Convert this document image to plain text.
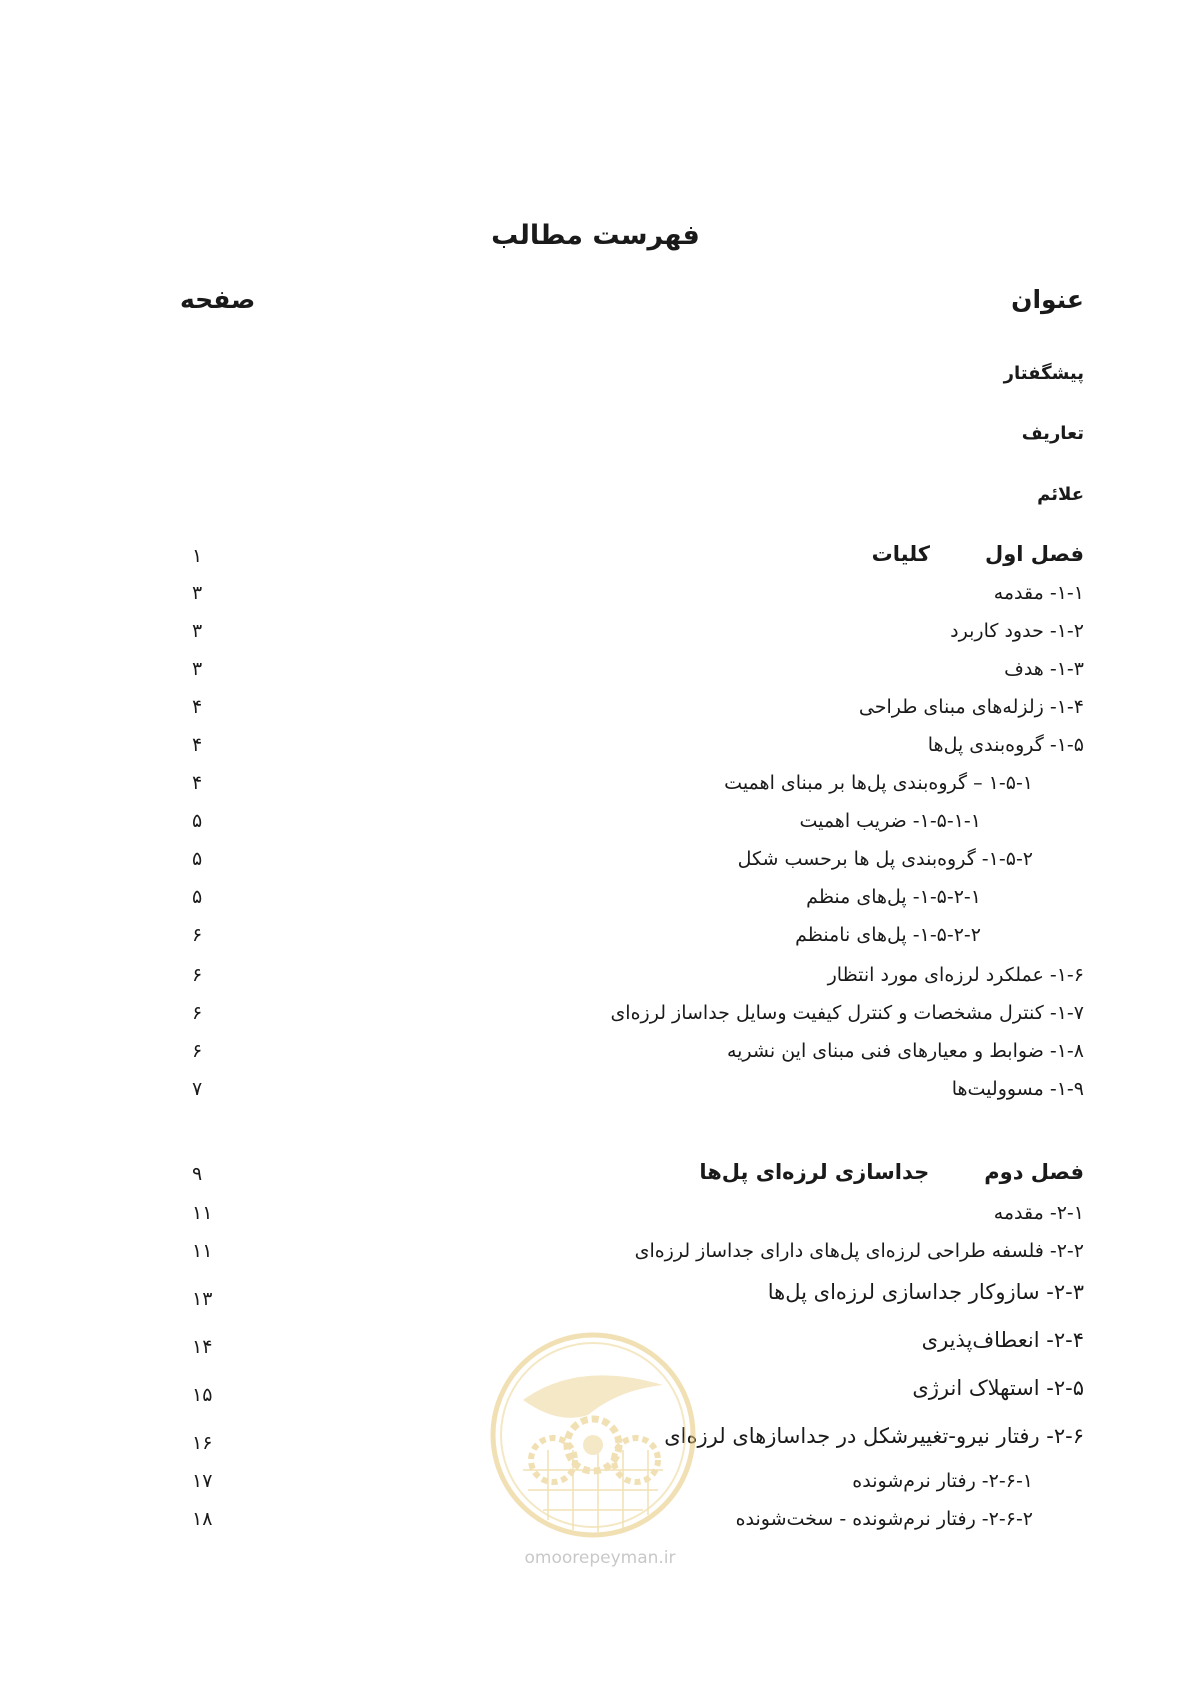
فهرست مطالب
عنوان
صفحه
پیشگفتار
تعاریف
علائم
فصل اولکلیات
۱
۱-۱- مقدمه
۳
۱-۲- حدود کاربرد
۳
۱-۳- هدف
۳
۱-۴- زلزله‌های مبنای طراحی
۴
۱-۵- گروه‌بندی پل‌ها
۴
۱-۵-۱ – گروه‌بندی پل‌ها بر مبنای اهمیت
۴
۱-۵-۱-۱- ضریب اهمیت
۵
۱-۵-۲- گروه‌بندی پل ها برحسب شکل
۵
۱-۵-۲-۱- پل‌های منظم
۵
۱-۵-۲-۲- پل‌های نامنظم
۶
۱-۶- عملکرد لرزه‌ای مورد انتظار
۶
۱-۷- کنترل مشخصات و کنترل کیفیت وسایل جداساز لرزه‌ای
۶
۱-۸- ضوابط و معیارهای فنی مبنای این نشریه
۶
۱-۹- مسوولیت‌ها
۷
فصل دومجداسازی لرزه‌ای پل‌ها
۹
۲-۱- مقدمه
۱۱
۲-۲- فلسفه طراحی لرزه‌ای پل‌های دارای جداساز لرزه‌ای
۱۱
۲-۳- سازوکار جداسازی لرزه‌ای پل‌ها
۱۳
۲-۴- انعطاف‌پذیری
۱۴
۲-۵- استهلاک انرژی
۱۵
۲-۶- رفتار نیرو-تغییرشکل در جداسازهای لرزه‌ای
۱۶
۲-۶-۱- رفتار نرم‌شونده
۱۷
۲-۶-۲- رفتار نرم‌شونده - سخت‌شونده
۱۸
omoorepeyman.ir
